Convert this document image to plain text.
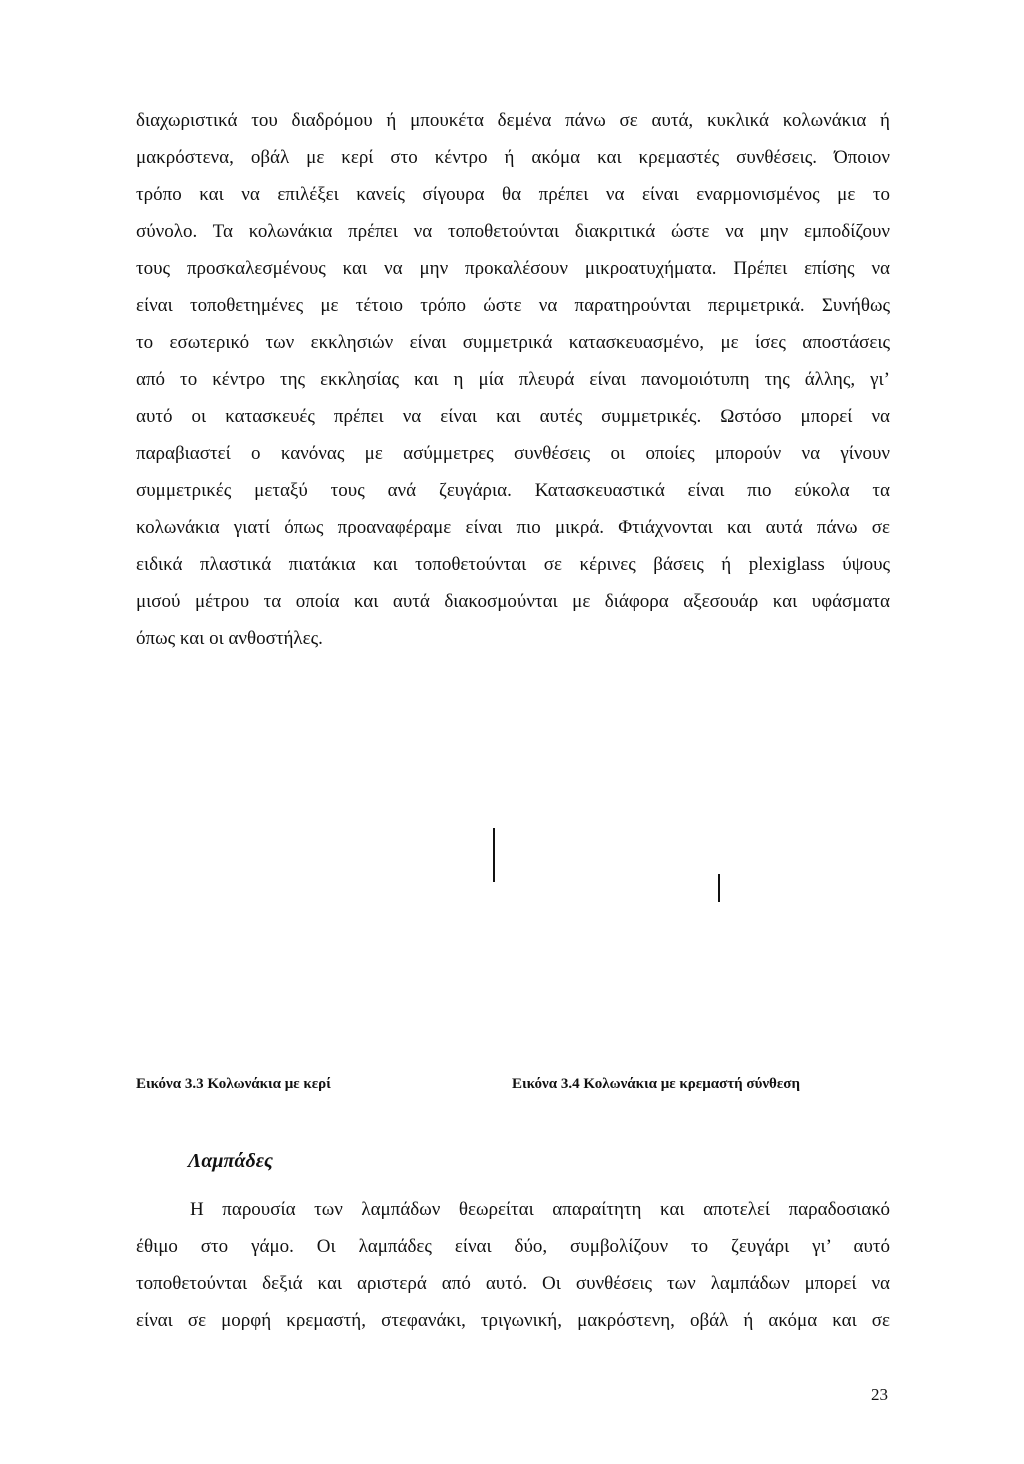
διαχωριστικά του διαδρόμου ή μπουκέτα δεμένα πάνω σε αυτά, κυκλικά κολωνάκια ή

μακρόστενα, οβάλ με κερί στο κέντρο ή ακόμα και κρεμαστές συνθέσεις. Όποιον

τρόπο και να επιλέξει κανείς σίγουρα θα πρέπει να είναι εναρμονισμένος με το

σύνολο. Τα κολωνάκια πρέπει να τοποθετούνται διακριτικά ώστε να μην εμποδίζουν

τους προσκαλεσμένους και να μην προκαλέσουν μικροατυχήματα. Πρέπει επίσης να

είναι τοποθετημένες με τέτοιο τρόπο ώστε να παρατηρούνται περιμετρικά. Συνήθως

το εσωτερικό των εκκλησιών είναι συμμετρικά κατασκευασμένο, με ίσες αποστάσεις

από το κέντρο της εκκλησίας και η μία πλευρά είναι πανομοιότυπη της άλλης, γι’

αυτό οι κατασκευές πρέπει να είναι και αυτές συμμετρικές. Ωστόσο μπορεί να

παραβιαστεί ο κανόνας με ασύμμετρες συνθέσεις οι οποίες μπορούν να γίνουν

συμμετρικές μεταξύ τους ανά ζευγάρια. Κατασκευαστικά είναι πιο εύκολα τα

κολωνάκια γιατί όπως προαναφέραμε είναι πιο μικρά. Φτιάχνονται και αυτά πάνω σε

ειδικά πλαστικά πιατάκια και τοποθετούνται σε κέρινες βάσεις ή plexiglass ύψους

μισού μέτρου τα οποία και αυτά διακοσμούνται με διάφορα αξεσουάρ και υφάσματα

όπως και οι ανθοστήλες.

Εικόνα 3.3 Κολωνάκια με κερί	Εικόνα 3.4 Κολωνάκια με κρεμαστή σύνθεση
Λαμπάδες

Η παρουσία των λαμπάδων θεωρείται απαραίτητη και αποτελεί παραδοσιακό

έθιμο στο γάμο. Οι λαμπάδες είναι δύο, συμβολίζουν το ζευγάρι γι’ αυτό

τοποθετούνται δεξιά και αριστερά από αυτό. Οι συνθέσεις των λαμπάδων μπορεί να

είναι σε μορφή κρεμαστή, στεφανάκι, τριγωνική, μακρόστενη, οβάλ ή ακόμα και σε

23
